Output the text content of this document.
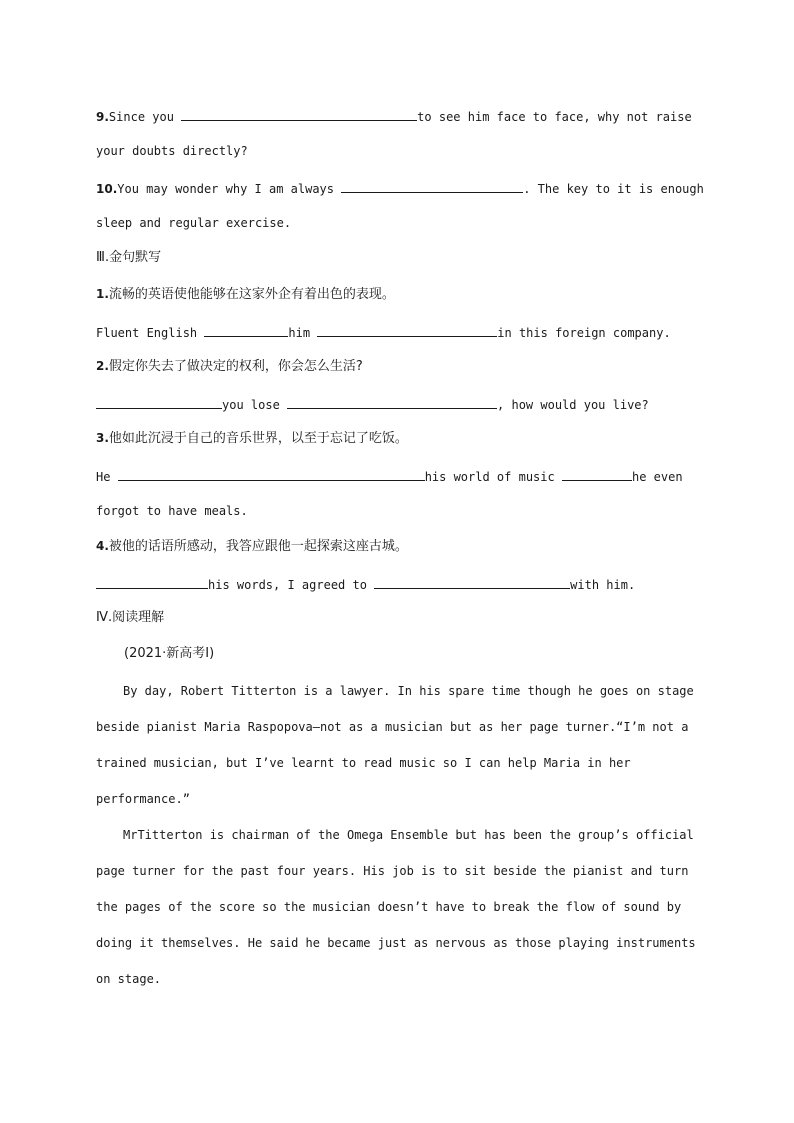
9.Since you	to see him face to face, why not raise
your doubts directly?
10.You may wonder why I am always	. The key to it is enough
sleep and regular exercise.
Ⅲ.金句默写
1.流畅的英语使他能够在这家外企有着出色的表现。
Fluent English	him	in this foreign company.
2.假定你失去了做决定的权利，你会怎么生活?
you lose	, how would you live?
3.他如此沉浸于自己的音乐世界，以至于忘记了吃饭。
He	his world of music	he even
forgot to have meals.
4.被他的话语所感动，我答应跟他一起探索这座古城。
his words, I agreed to	with him.
Ⅳ.阅读理解
(2021·新高考Ⅰ)
By day, Robert Titterton is a lawyer. In his spare time though he goes on stage
beside pianist Maria Raspopova—not as a musician but as her page turner.“I’m not a
trained musician, but I’ve learnt to read music so I can help Maria in her
performance.”
MrTitterton is chairman of the Omega Ensemble but has been the group’s official
page turner for the past four years. His job is to sit beside the pianist and turn
the pages of the score so the musician doesn’t have to break the flow of sound by
doing it themselves. He said he became just as nervous as those playing instruments
on stage.
